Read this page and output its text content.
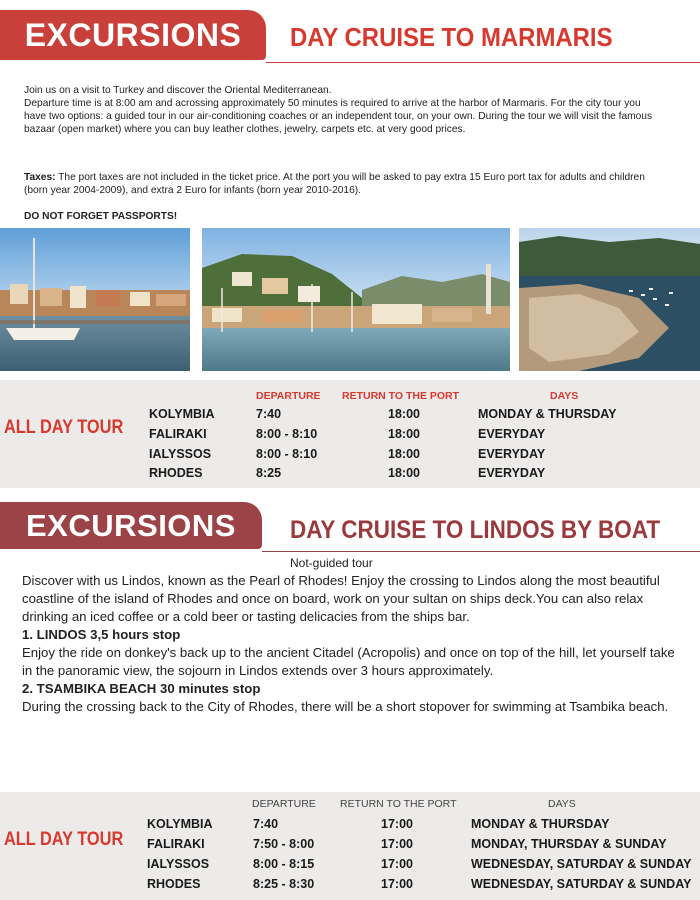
EXCURSIONS	DAY CRUISE TO MARMARIS

Join us on a visit to Turkey and discover the Oriental Mediterranean.

Departure time is at 8:00 am and acrossing approximately 50 minutes is required to arrive at the harbor of Marmaris. For the city tour you have two options: a guided tour in our air-conditioning coaches or an independent tour, on your own. During the tour we will visit the famous bazaar (open market) where you can buy leather clothes, jewelry, carpets etc. at very good prices.

Taxes: The port taxes are not included in the ticket price. At the port you will be asked to pay extra 15 Euro port tax for adults and children (born year 2004-2009), and extra 2 Euro for infants (born year 2010-2016).
DO NOT FORGET PASSPORTS!
DEPARTURE RETURN TO THE PORT	DAYS
ALL DAY TOUR
KOLYMBIA	7:40	18:00	MONDAY & THURSDAY
FALIRAKI	8:00 - 8:10	18:00	EVERYDAY
IALYSSOS	8:00 - 8:10	18:00	EVERYDAY
RHODES	8:25	18:00	EVERYDAY
EXCURSIONS	DAY CRUISE TO LINDOS BY BOAT
Not-guided tour

Discover with us Lindos, known as the Pearl of Rhodes! Enjoy the crossing to Lindos along the most beautiful coastline of the island of Rhodes and once on board, work on your sultan on ships deck.You can also relax drinking an iced coffee or a cold beer or tasting delicacies from the ships bar.

1. LINDOS 3,5 hours stop

Enjoy the ride on donkey's back up to the ancient Citadel (Acropolis) and once on top of the hill, let yourself take in the panoramic view, the sojourn in Lindos extends over 3 hours approximately.

2. TSAMBIKA BEACH 30 minutes stop

During the crossing back to the City of Rhodes, there will be a short stopover for swimming at Tsambika beach.

DEPARTURE RETURN TO THE PORT	DAYS
ALL DAY TOUR
KOLYMBIA	7:40	17:00	MONDAY & THURSDAY
FALIRAKI	7:50 - 8:00	17:00	MONDAY, THURSDAY & SUNDAY
IALYSSOS	8:00 - 8:15	17:00	WEDNESDAY, SATURDAY & SUNDAY
RHODES	8:25 - 8:30	17:00	WEDNESDAY, SATURDAY & SUNDAY
